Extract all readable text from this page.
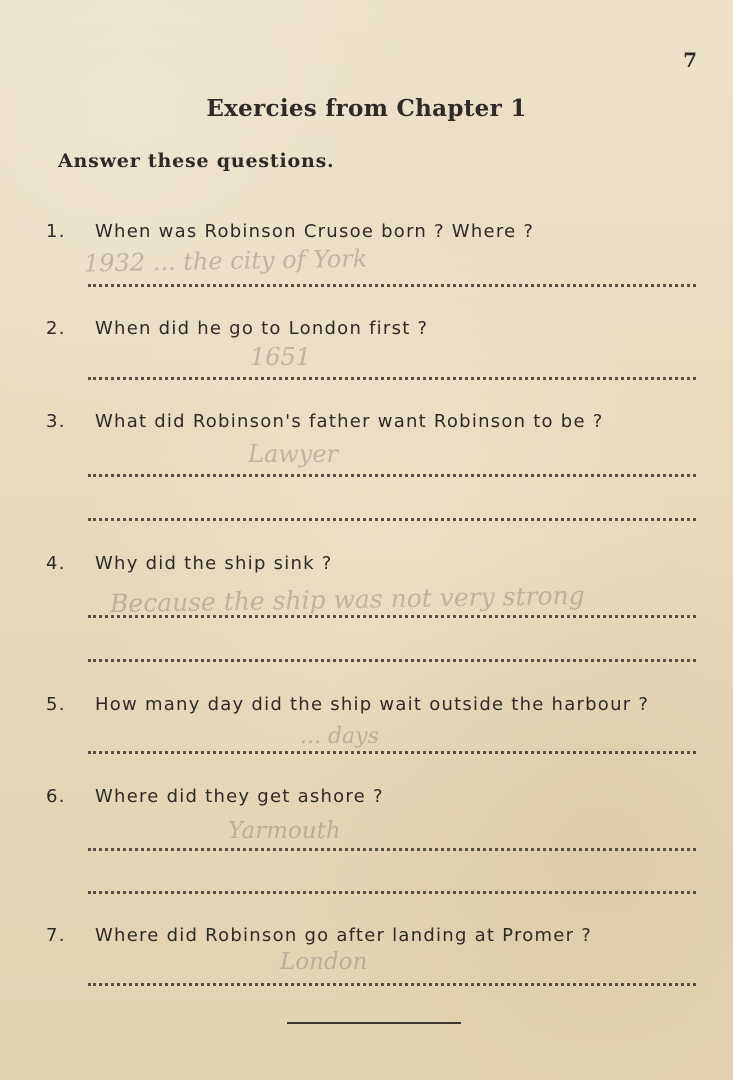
7
Exercies from Chapter 1
Answer these questions.
1. When was Robinson Crusoe born ? Where ?
1932 ... the city of York
2. When did he go to London first ?
1651
3. What did Robinson's father want Robinson to be ?
Lawyer
4. Why did the ship sink ?
Because the ship was not very strong
5. How many day did the ship wait outside the harbour ?
... days
6. Where did they get ashore ?
Yarmouth
7. Where did Robinson go after landing at Promer ?
London
